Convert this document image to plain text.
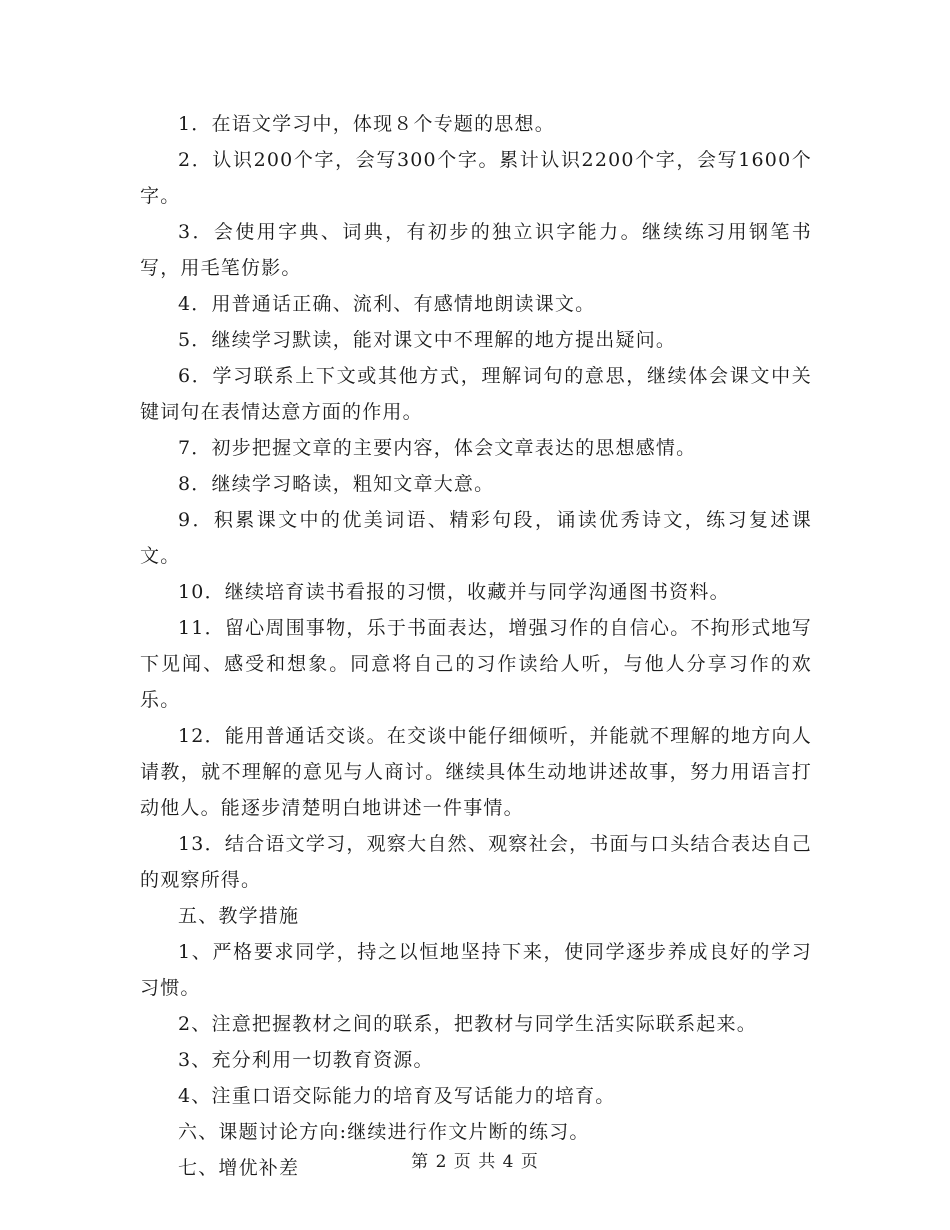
1．在语文学习中，体现８个专题的思想。

2．认识200个字，会写300个字。累计认识2200个字，会写1600个字。

3．会使用字典、词典，有初步的独立识字能力。继续练习用钢笔书写，用毛笔仿影。

4．用普通话正确、流利、有感情地朗读课文。

5．继续学习默读，能对课文中不理解的地方提出疑问。

6．学习联系上下文或其他方式，理解词句的意思，继续体会课文中关键词句在表情达意方面的作用。

7．初步把握文章的主要内容，体会文章表达的思想感情。

8．继续学习略读，粗知文章大意。

9．积累课文中的优美词语、精彩句段，诵读优秀诗文，练习复述课文。

10．继续培育读书看报的习惯，收藏并与同学沟通图书资料。

11．留心周围事物，乐于书面表达，增强习作的自信心。不拘形式地写下见闻、感受和想象。同意将自己的习作读给人听，与他人分享习作的欢乐。

12．能用普通话交谈。在交谈中能仔细倾听，并能就不理解的地方向人请教，就不理解的意见与人商讨。继续具体生动地讲述故事，努力用语言打动他人。能逐步清楚明白地讲述一件事情。

13．结合语文学习，观察大自然、观察社会，书面与口头结合表达自己的观察所得。

五、教学措施

1、严格要求同学，持之以恒地坚持下来，使同学逐步养成良好的学习习惯。

2、注意把握教材之间的联系，把教材与同学生活实际联系起来。

3、充分利用一切教育资源。

4、注重口语交际能力的培育及写话能力的培育。

六、课题讨论方向:继续进行作文片断的练习。

七、增优补差	第 2 页 共 4 页
